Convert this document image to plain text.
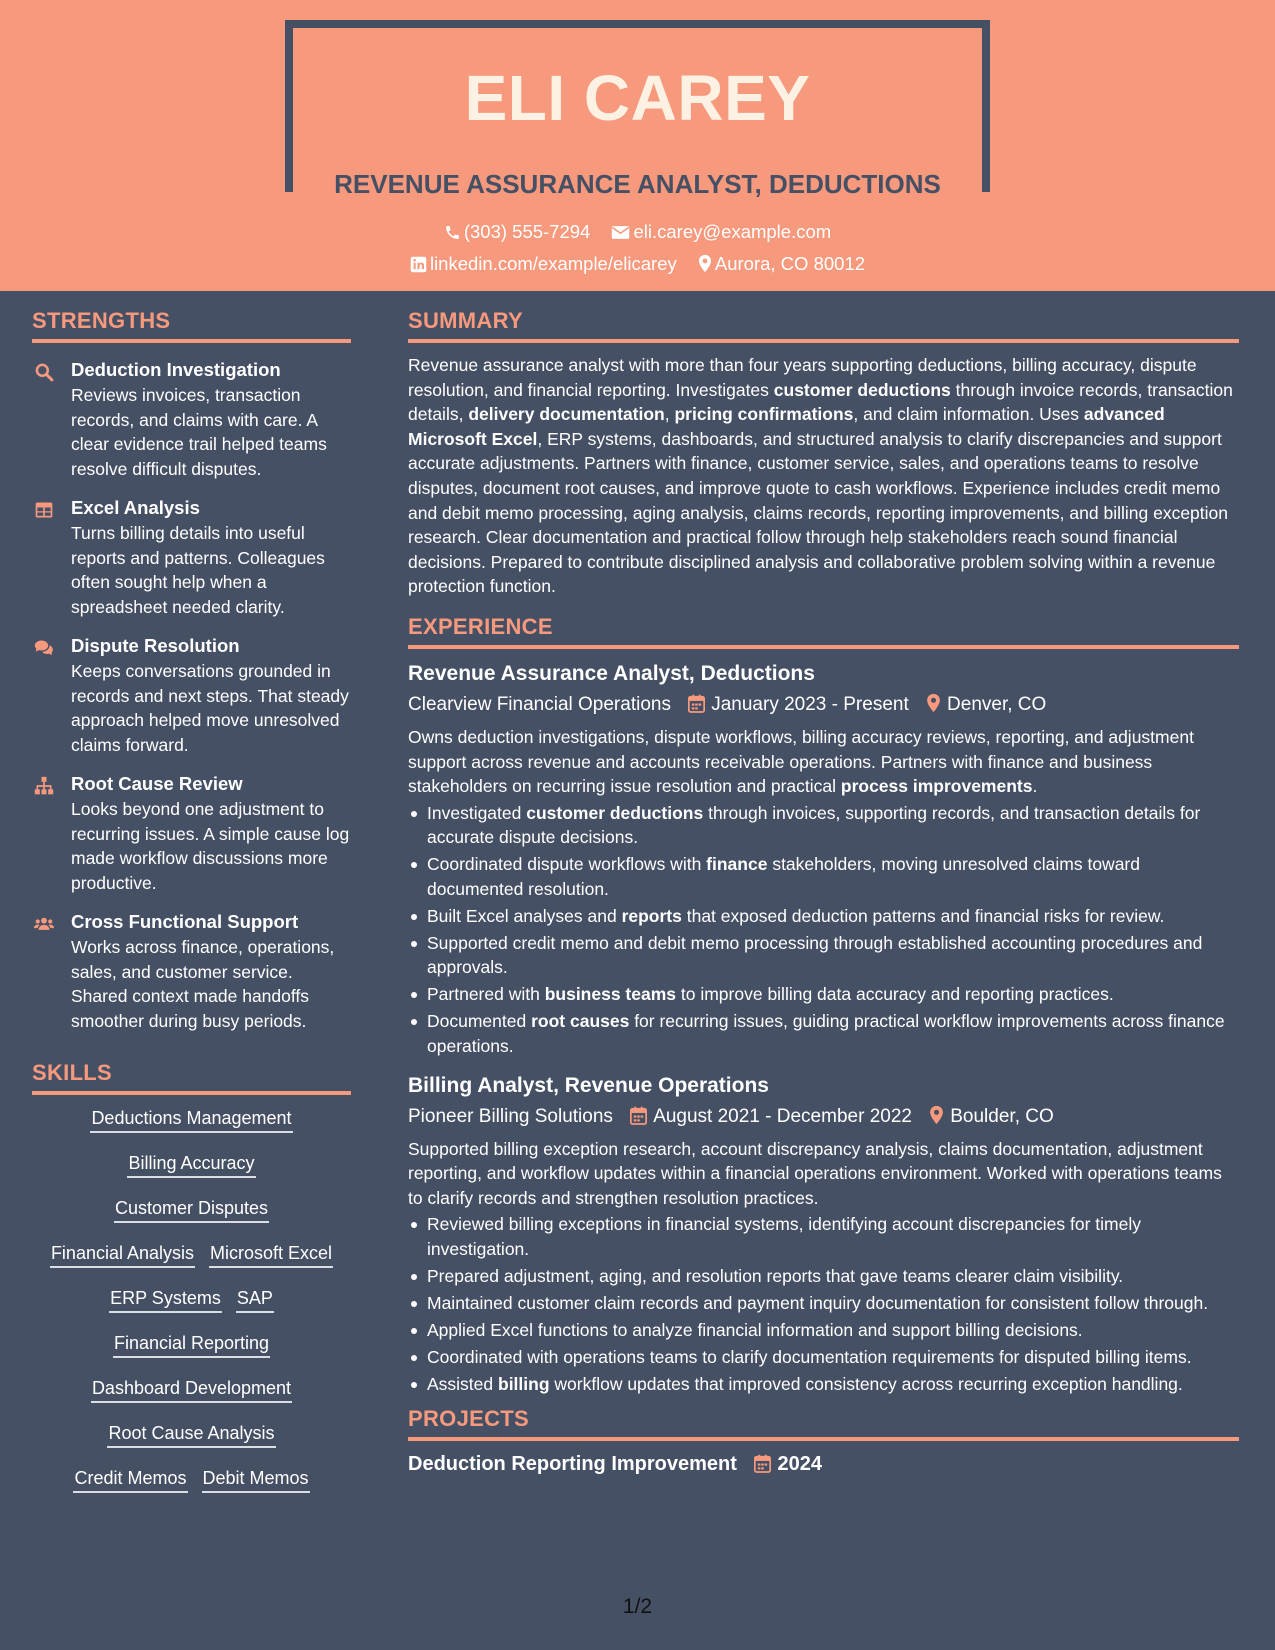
ELI CAREY
REVENUE ASSURANCE ANALYST, DEDUCTIONS
(303) 555-7294 eli.carey@example.com
linkedin.com/example/elicarey Aurora, CO 80012
STRENGTHS
Deduction Investigation
Reviews invoices, transaction records, and claims with care. A clear evidence trail helped teams resolve difficult disputes.
Excel Analysis
Turns billing details into useful reports and patterns. Colleagues often sought help when a spreadsheet needed clarity.
Dispute Resolution
Keeps conversations grounded in records and next steps. That steady approach helped move unresolved claims forward.
Root Cause Review
Looks beyond one adjustment to recurring issues. A simple cause log made workflow discussions more productive.
Cross Functional Support
Works across finance, operations, sales, and customer service. Shared context made handoffs smoother during busy periods.
SKILLS
Deductions Management
Billing Accuracy
Customer Disputes
Financial Analysis Microsoft Excel
ERP Systems SAP
Financial Reporting
Dashboard Development
Root Cause Analysis
Credit Memos Debit Memos
SUMMARY
Revenue assurance analyst with more than four years supporting deductions, billing accuracy, dispute resolution, and financial reporting. Investigates customer deductions through invoice records, transaction details, delivery documentation, pricing confirmations, and claim information. Uses advanced Microsoft Excel, ERP systems, dashboards, and structured analysis to clarify discrepancies and support accurate adjustments. Partners with finance, customer service, sales, and operations teams to resolve disputes, document root causes, and improve quote to cash workflows. Experience includes credit memo and debit memo processing, aging analysis, claims records, reporting improvements, and billing exception research. Clear documentation and practical follow through help stakeholders reach sound financial decisions. Prepared to contribute disciplined analysis and collaborative problem solving within a revenue protection function.
EXPERIENCE
Revenue Assurance Analyst, Deductions
Clearview Financial Operations January 2023 - Present Denver, CO
Owns deduction investigations, dispute workflows, billing accuracy reviews, reporting, and adjustment support across revenue and accounts receivable operations. Partners with finance and business stakeholders on recurring issue resolution and practical process improvements.
Investigated customer deductions through invoices, supporting records, and transaction details for accurate dispute decisions.
Coordinated dispute workflows with finance stakeholders, moving unresolved claims toward documented resolution.
Built Excel analyses and reports that exposed deduction patterns and financial risks for review.
Supported credit memo and debit memo processing through established accounting procedures and approvals.
Partnered with business teams to improve billing data accuracy and reporting practices.
Documented root causes for recurring issues, guiding practical workflow improvements across finance operations.
Billing Analyst, Revenue Operations
Pioneer Billing Solutions August 2021 - December 2022 Boulder, CO
Supported billing exception research, account discrepancy analysis, claims documentation, adjustment reporting, and workflow updates within a financial operations environment. Worked with operations teams to clarify records and strengthen resolution practices.
Reviewed billing exceptions in financial systems, identifying account discrepancies for timely investigation.
Prepared adjustment, aging, and resolution reports that gave teams clearer claim visibility.
Maintained customer claim records and payment inquiry documentation for consistent follow through.
Applied Excel functions to analyze financial information and support billing decisions.
Coordinated with operations teams to clarify documentation requirements for disputed billing items.
Assisted billing workflow updates that improved consistency across recurring exception handling.
PROJECTS
Deduction Reporting Improvement 2024
1/2
